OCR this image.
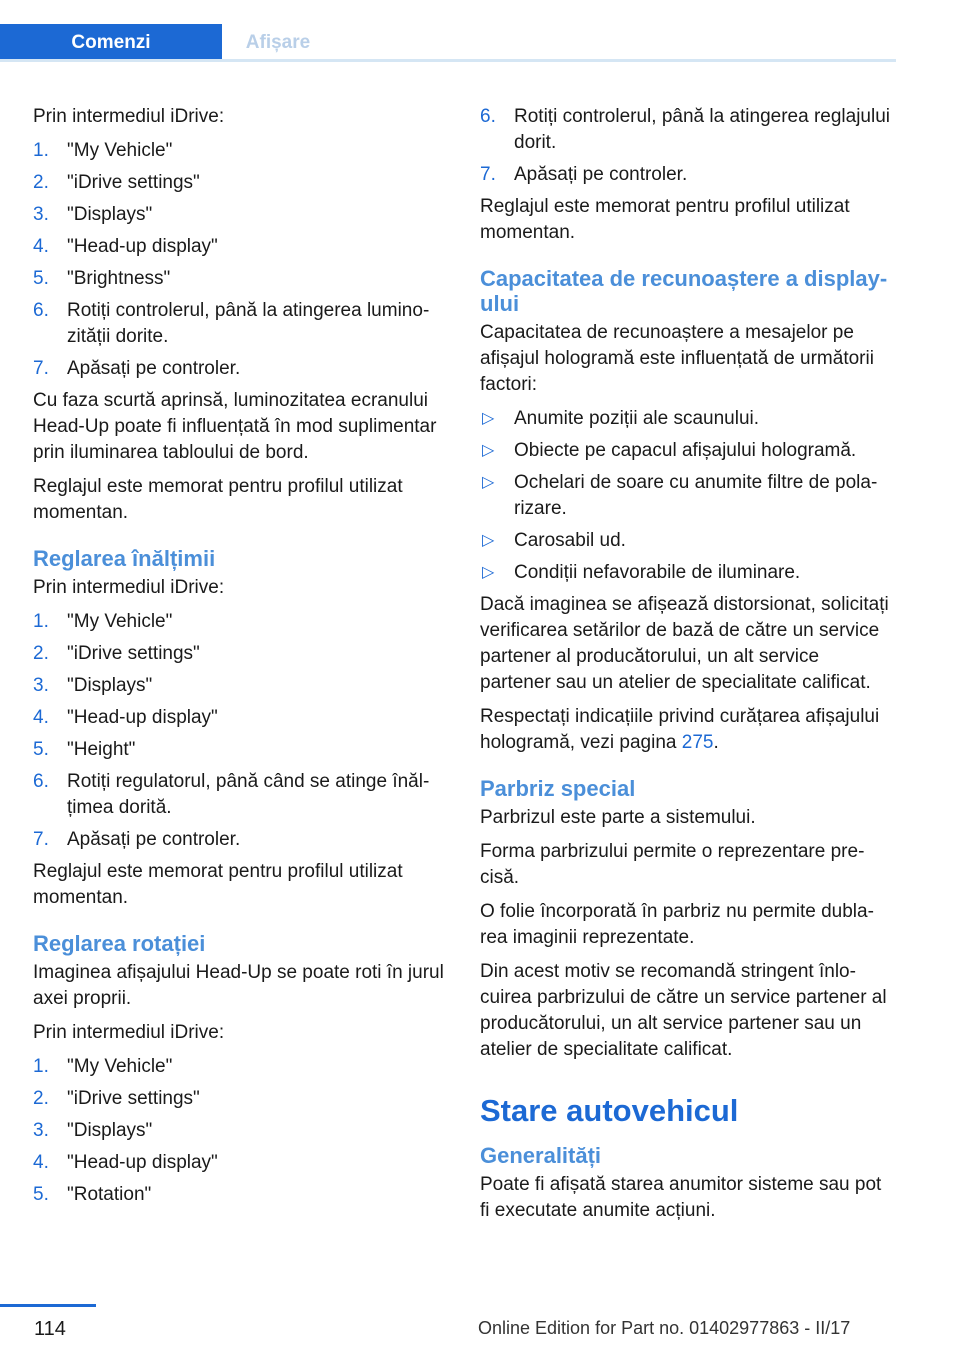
Comenzi	Afișare

Prin intermediul iDrive:

1. "My Vehicle"
2. "iDrive settings"
3. "Displays"
4. "Head-up display"
5. "Brightness"
6. Rotiți controlerul, până la atingerea luminozității dorite.
7. Apăsați pe controler.

Cu faza scurtă aprinsă, luminozitatea ecranului Head-Up poate fi influențată în mod suplimentar prin iluminarea tabloului de bord.

Reglajul este memorat pentru profilul utilizat momentan.

Reglarea înălțimii

Prin intermediul iDrive:

1. "My Vehicle"
2. "iDrive settings"
3. "Displays"
4. "Head-up display"
5. "Height"
6. Rotiți regulatorul, până când se atinge înălțimea dorită.
7. Apăsați pe controler.

Reglajul este memorat pentru profilul utilizat momentan.

Reglarea rotației

Imaginea afișajului Head-Up se poate roti în jurul axei proprii.

Prin intermediul iDrive:

1. "My Vehicle"
2. "iDrive settings"
3. "Displays"
4. "Head-up display"
5. "Rotation"
6. Rotiți controlerul, până la atingerea reglajului dorit.
7. Apăsați pe controler.

Reglajul este memorat pentru profilul utilizat momentan.

Capacitatea de recunoaștere a display-ului

Capacitatea de recunoaștere a mesajelor pe afișajul hologramă este influențată de următorii factori:

▷ Anumite poziții ale scaunului.
▷ Obiecte pe capacul afișajului hologramă.
▷ Ochelari de soare cu anumite filtre de polarizare.
▷ Carosabil ud.
▷ Condiții nefavorabile de iluminare.

Dacă imaginea se afișează distorsionat, solicitați verificarea setărilor de bază de către un service partener al producătorului, un alt service partener sau un atelier de specialitate calificat.

Respectați indicațiile privind curățarea afișajului hologramă, vezi pagina 275.

Parbriz special

Parbrizul este parte a sistemului.

Forma parbrizului permite o reprezentare precisă.

O folie încorporată în parbriz nu permite dublarea imaginii reprezentate.

Din acest motiv se recomandă stringent înlocuirea parbrizului de către un service partener al producătorului, un alt service partener sau un atelier de specialitate calificat.

Stare autovehicul
Generalități

Poate fi afișată starea anumitor sisteme sau pot fi executate anumite acțiuni.

114	Online Edition for Part no. 01402977863 - II/17
